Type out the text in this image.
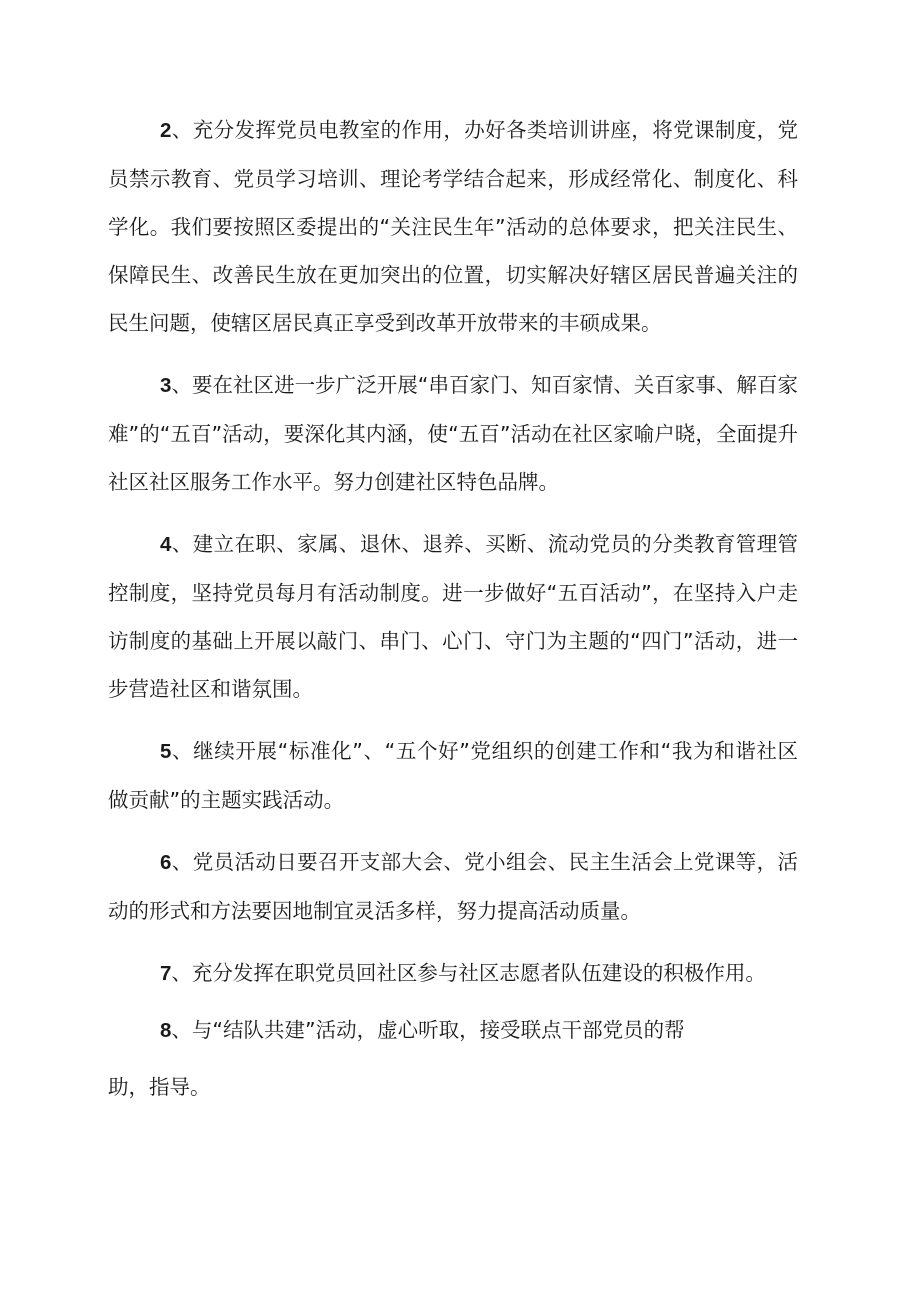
2、充分发挥党员电教室的作用，办好各类培训讲座，将党课制度，党员禁示教育、党员学习培训、理论考学结合起来，形成经常化、制度化、科学化。我们要按照区委提出的“关注民生年”活动的总体要求，把关注民生、保障民生、改善民生放在更加突出的位置，切实解决好辖区居民普遍关注的民生问题，使辖区居民真正享受到改革开放带来的丰硕成果。

3、要在社区进一步广泛开展“串百家门、知百家情、关百家事、解百家难”的“五百”活动，要深化其内涵，使“五百”活动在社区家喻户晓，全面提升社区社区服务工作水平。努力创建社区特色品牌。

4、建立在职、家属、退休、退养、买断、流动党员的分类教育管理管控制度，坚持党员每月有活动制度。进一步做好“五百活动”，在坚持入户走访制度的基础上开展以敲门、串门、心门、守门为主题的“四门”活动，进一步营造社区和谐氛围。

5、继续开展“标准化”、“五个好”党组织的创建工作和“我为和谐社区做贡献”的主题实践活动。

6、党员活动日要召开支部大会、党小组会、民主生活会上党课等，活动的形式和方法要因地制宜灵活多样，努力提高活动质量。

7、充分发挥在职党员回社区参与社区志愿者队伍建设的积极作用。

8、与“结队共建”活动，虚心听取，接受联点干部党员的帮
助，指导。
